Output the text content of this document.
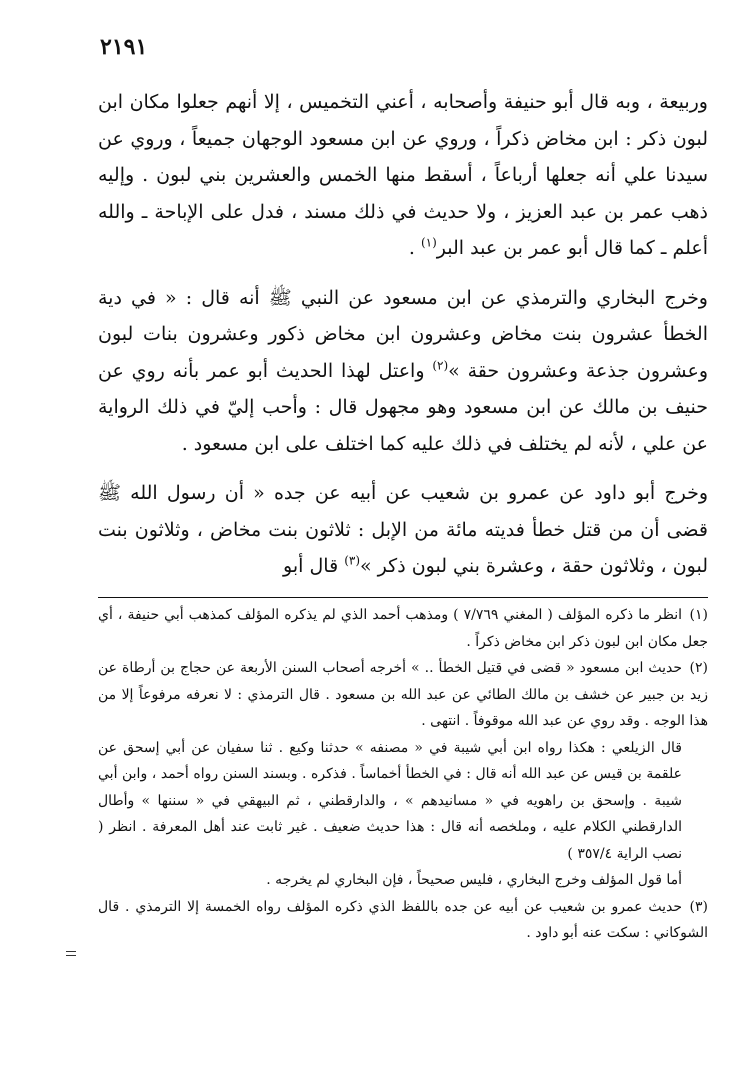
٢١٩١

وربيعة ، وبه قال أبو حنيفة وأصحابه ، أعني التخميس ، إلا أنهم جعلوا مكان ابن لبون ذكر : ابن مخاض ذكراً ، وروي عن ابن مسعود الوجهان جميعاً ، وروي عن سيدنا علي أنه جعلها أرباعاً ، أسقط منها الخمس والعشرين بني لبون . وإليه ذهب عمر بن عبد العزيز ، ولا حديث في ذلك مسند ، فدل على الإباحة ـ والله أعلم ـ كما قال أبو عمر بن عبد البر$^{(١)}$ .

وخرج البخاري والترمذي عن ابن مسعود عن النبي ﷺ أنه قال : « في دية الخطأ عشرون بنت مخاض وعشرون ابن مخاض ذكور وعشرون بنات لبون وعشرون جذعة وعشرون حقة »$^{(٢)}$ واعتل لهذا الحديث أبو عمر بأنه روي عن حنيف بن مالك عن ابن مسعود وهو مجهول قال : وأحب إليّ في ذلك الرواية عن علي ، لأنه لم يختلف في ذلك عليه كما اختلف على ابن مسعود .

وخرج أبو داود عن عمرو بن شعيب عن أبيه عن جده « أن رسول الله ﷺ قضى أن من قتل خطأ فديته مائة من الإبل : ثلاثون بنت مخاض ، وثلاثون بنت لبون ، وثلاثون حقة ، وعشرة بني لبون ذكر »$^{(٣)}$ قال أبو

(١)انظر ما ذكره المؤلف ( المغني ٧/٧٦٩ ) ومذهب أحمد الذي لم يذكره المؤلف كمذهب أبي حنيفة ، أي جعل مكان ابن لبون ذكر ابن مخاض ذكراً .

(٢)حديث ابن مسعود « قضى في قتيل الخطأ .. » أخرجه أصحاب السنن الأربعة عن حجاج بن أرطاة عن زيد بن جبير عن خشف بن مالك الطائي عن عبد الله بن مسعود . قال الترمذي : لا نعرفه مرفوعاً إلا من هذا الوجه . وقد روي عن عبد الله موقوفاً . انتهى .

قال الزيلعي : هكذا رواه ابن أبي شيبة في « مصنفه » حدثنا وكيع . ثنا سفيان عن أبي إسحق عن علقمة بن قيس عن عبد الله أنه قال : في الخطأ أخماساً . فذكره . وبسند السنن رواه أحمد ، وابن أبي شيبة . وإسحق بن راهويه في « مسانيدهم » ، والدارقطني ، ثم البيهقي في « سننها » وأطال الدارقطني الكلام عليه ، وملخصه أنه قال : هذا حديث ضعيف . غير ثابت عند أهل المعرفة . انظر ( نصب الراية ٣٥٧/٤ )

أما قول المؤلف وخرج البخاري ، فليس صحيحاً ، فإن البخاري لم يخرجه .

(٣)حديث عمرو بن شعيب عن أبيه عن جده باللفظ الذي ذكره المؤلف رواه الخمسة إلا الترمذي . قال الشوكاني : سكت عنه أبو داود .
